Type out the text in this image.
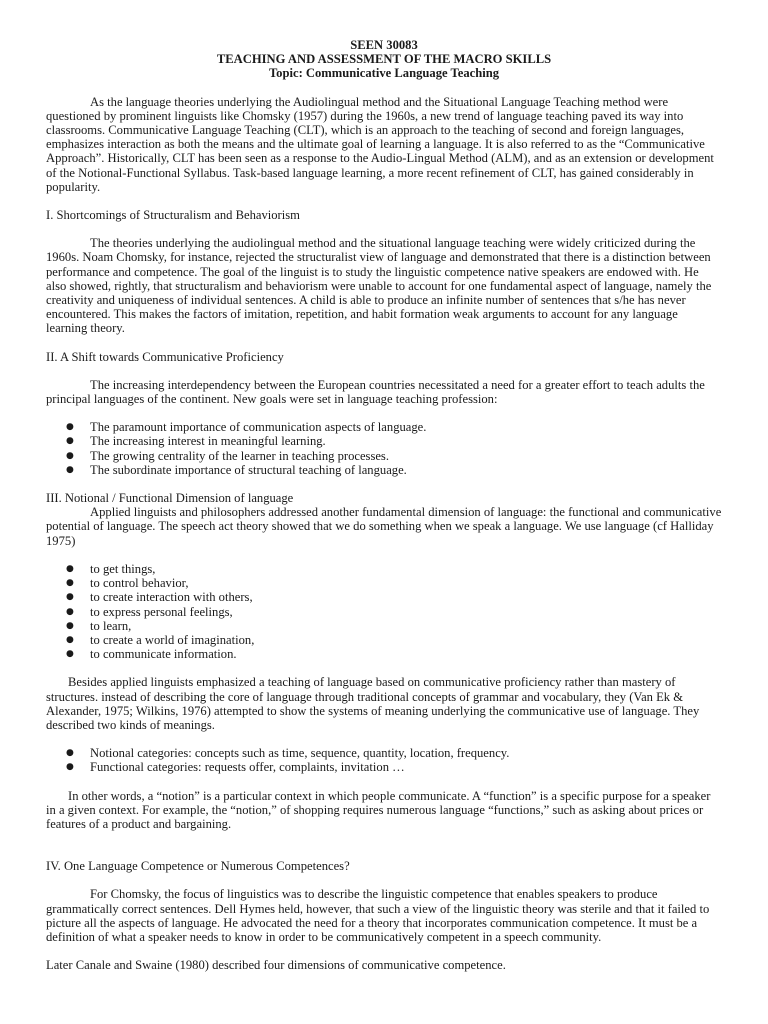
SEEN 30083
TEACHING AND ASSESSMENT OF THE MACRO SKILLS
Topic: Communicative Language Teaching

As the language theories underlying the Audiolingual method and the Situational Language Teaching method were questioned by prominent linguists like Chomsky (1957) during the 1960s, a new trend of language teaching paved its way into classrooms. Communicative Language Teaching (CLT), which is an approach to the teaching of second and foreign languages, emphasizes interaction as both the means and the ultimate goal of learning a language. It is also referred to as the “Communicative Approach”. Historically, CLT has been seen as a response to the Audio-Lingual Method (ALM), and as an extension or development of the Notional-Functional Syllabus. Task-based language learning, a more recent refinement of CLT, has gained considerably in popularity.

I. Shortcomings of Structuralism and Behaviorism

The theories underlying the audiolingual method and the situational language teaching were widely criticized during the 1960s. Noam Chomsky, for instance, rejected the structuralist view of language and demonstrated that there is a distinction between performance and competence. The goal of the linguist is to study the linguistic competence native speakers are endowed with. He also showed, rightly, that structuralism and behaviorism were unable to account for one fundamental aspect of language, namely the creativity and uniqueness of individual sentences. A child is able to produce an infinite number of sentences that s/he has never encountered. This makes the factors of imitation, repetition, and habit formation weak arguments to account for any language learning theory.

II. A Shift towards Communicative Proficiency

The increasing interdependency between the European countries necessitated a need for a greater effort to teach adults the principal languages of the continent. New goals were set in language teaching profession:

● The paramount importance of communication aspects of language.
● The increasing interest in meaningful learning.
● The growing centrality of the learner in teaching processes.
● The subordinate importance of structural teaching of language.

III. Notional / Functional Dimension of language

Applied linguists and philosophers addressed another fundamental dimension of language: the functional and communicative potential of language. The speech act theory showed that we do something when we speak a language. We use language (cf Halliday 1975)

● to get things,
● to control behavior,
● to create interaction with others,
● to express personal feelings,
● to learn,
● to create a world of imagination,
● to communicate information.

Besides applied linguists emphasized a teaching of language based on communicative proficiency rather than mastery of structures. instead of describing the core of language through traditional concepts of grammar and vocabulary, they (Van Ek & Alexander, 1975; Wilkins, 1976) attempted to show the systems of meaning underlying the communicative use of language. They described two kinds of meanings.

● Notional categories: concepts such as time, sequence, quantity, location, frequency.
● Functional categories: requests offer, complaints, invitation …

In other words, a “notion” is a particular context in which people communicate. A “function” is a specific purpose for a speaker in a given context. For example, the “notion,” of shopping requires numerous language “functions,” such as asking about prices or features of a product and bargaining.

IV. One Language Competence or Numerous Competences?

For Chomsky, the focus of linguistics was to describe the linguistic competence that enables speakers to produce grammatically correct sentences. Dell Hymes held, however, that such a view of the linguistic theory was sterile and that it failed to picture all the aspects of language. He advocated the need for a theory that incorporates communication competence. It must be a definition of what a speaker needs to know in order to be communicatively competent in a speech community.

Later Canale and Swaine (1980) described four dimensions of communicative competence.
